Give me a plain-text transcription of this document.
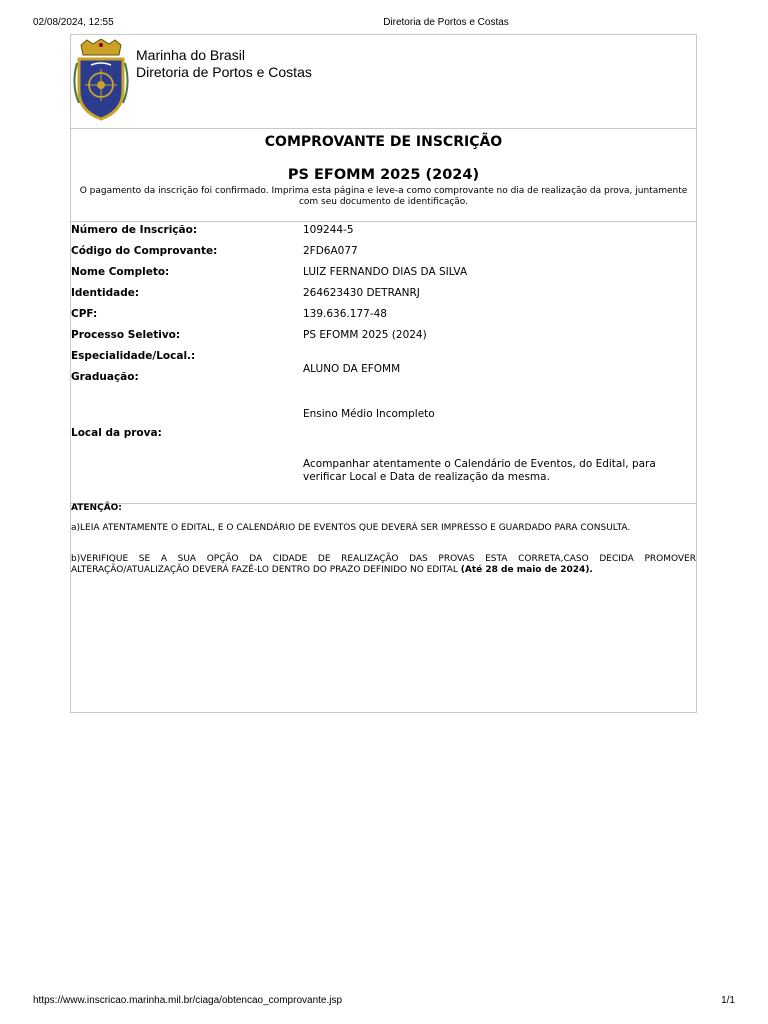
02/08/2024, 12:55	Diretoria de Portos e Costas
Marinha do Brasil
Diretoria de Portos e Costas
COMPROVANTE DE INSCRIÇÃO
PS EFOMM 2025 (2024)
O pagamento da inscrição foi confirmado. Imprima esta página e leve-a como comprovante no dia de realização da prova, juntamente com seu documento de identificação.
Número de Inscrição:	109244-5
Código do Comprovante:	2FD6A077
Nome Completo:	LUIZ FERNANDO DIAS DA SILVA
Identidade:	264623430 DETRANRJ
CPF:	139.636.177-48
Processo Seletivo:	PS EFOMM 2025 (2024)
Especialidade/Local.:
ALUNO DA EFOMM
Graduação:
Ensino Médio Incompleto
Local da prova:
Acompanhar atentamente o Calendário de Eventos, do Edital, para verificar Local e Data de realização da mesma.
ATENÇÃO:
a)LEIA ATENTAMENTE O EDITAL, E O CALENDÁRIO DE EVENTOS QUE DEVERÁ SER IMPRESSO E GUARDADO PARA CONSULTA.
b)VERIFIQUE SE A SUA OPÇÃO DA CIDADE DE REALIZAÇÃO DAS PROVAS ESTA CORRETA,CASO DECIDA PROMOVER ALTERAÇÃO/ATUALIZAÇÃO DEVERÁ FAZÊ-LO DENTRO DO PRAZO DEFINIDO NO EDITAL (Até 28 de maio de 2024).
https://www.inscricao.marinha.mil.br/ciaga/obtencao_comprovante.jsp	1/1
